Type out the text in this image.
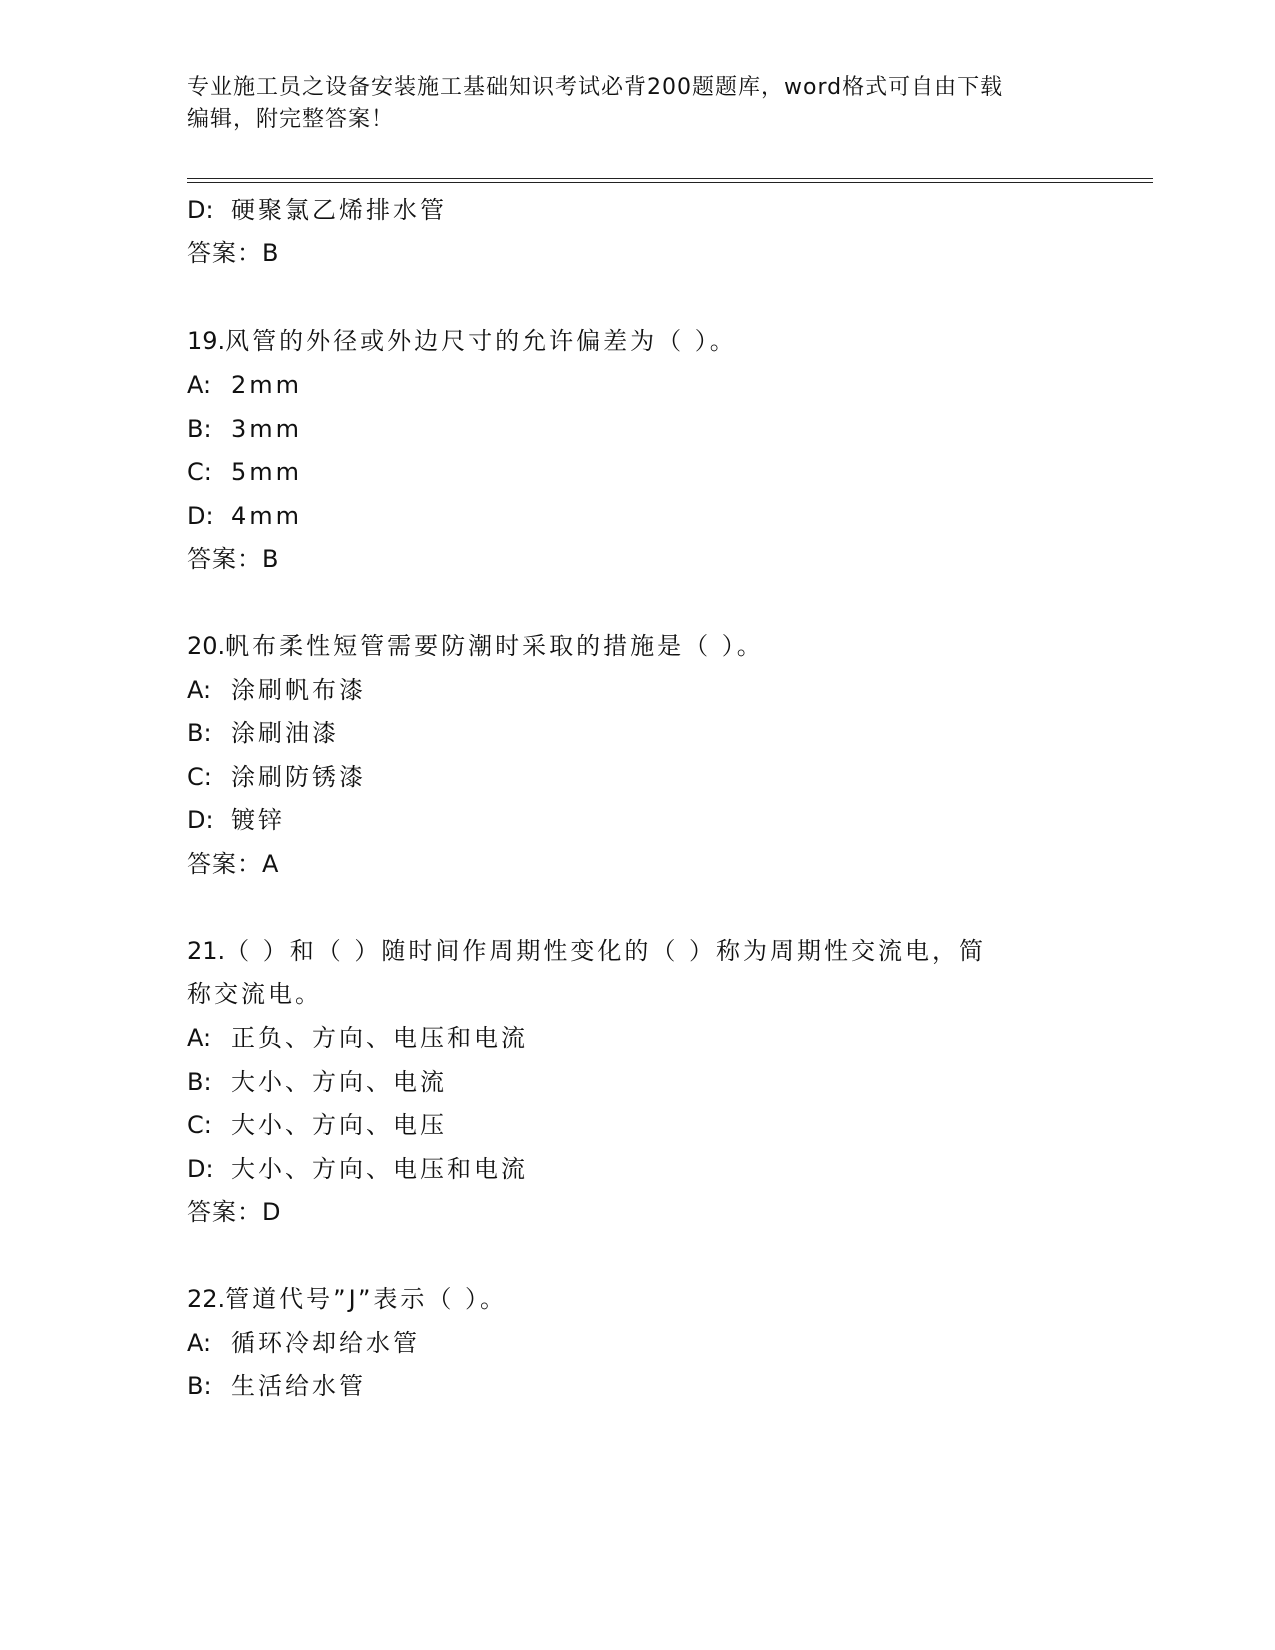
专业施工员之设备安装施工基础知识考试必背200题题库，word格式可自由下载
编辑，附完整答案！
D: 硬聚氯乙烯排水管
答案：B
19.风管的外径或外边尺寸的允许偏差为（ ）。
A: 2mm
B: 3mm
C: 5mm
D: 4mm
答案：B
20.帆布柔性短管需要防潮时采取的措施是（ ）。
A: 涂刷帆布漆
B: 涂刷油漆
C: 涂刷防锈漆
D: 镀锌
答案：A
21.（ ）和（ ）随时间作周期性变化的（ ）称为周期性交流电，简
称交流电。
A: 正负、方向、电压和电流
B: 大小、方向、电流
C: 大小、方向、电压
D: 大小、方向、电压和电流
答案：D
22.管道代号”J”表示（ ）。
A: 循环冷却给水管
B: 生活给水管
